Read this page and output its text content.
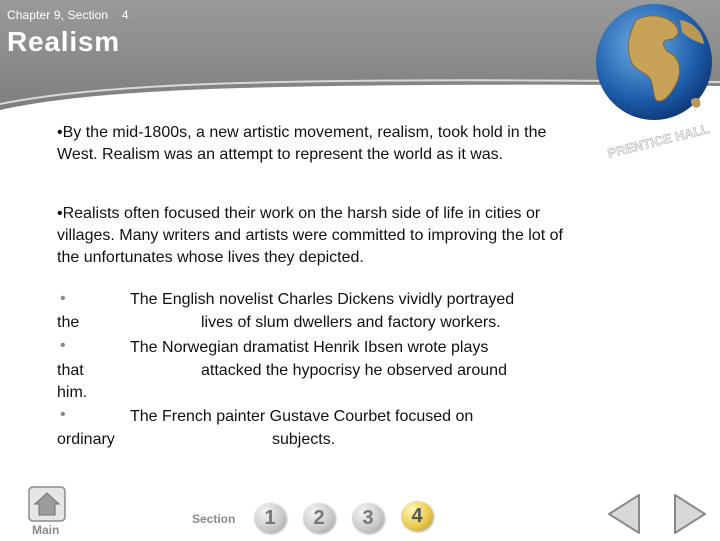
Chapter 9, Section    4
Realism
PRENTICE HALL

•By the mid-1800s, a new artistic movement, realism, took hold in the West. Realism was an attempt to represent the world as it was.

•Realists often focused their work on the harsh side of life in cities or villages. Many writers and artists were committed to improving the lot of the unfortunates whose lives they depicted.
•	The English novelist Charles Dickens vividly portrayed
the	lives of slum dwellers and factory workers.
•	The Norwegian dramatist Henrik Ibsen wrote plays
that	attacked the hypocrisy he observed around
him.
•	The French painter Gustave Courbet focused on
ordinary	subjects.
Main
Section	1	2	3	4
